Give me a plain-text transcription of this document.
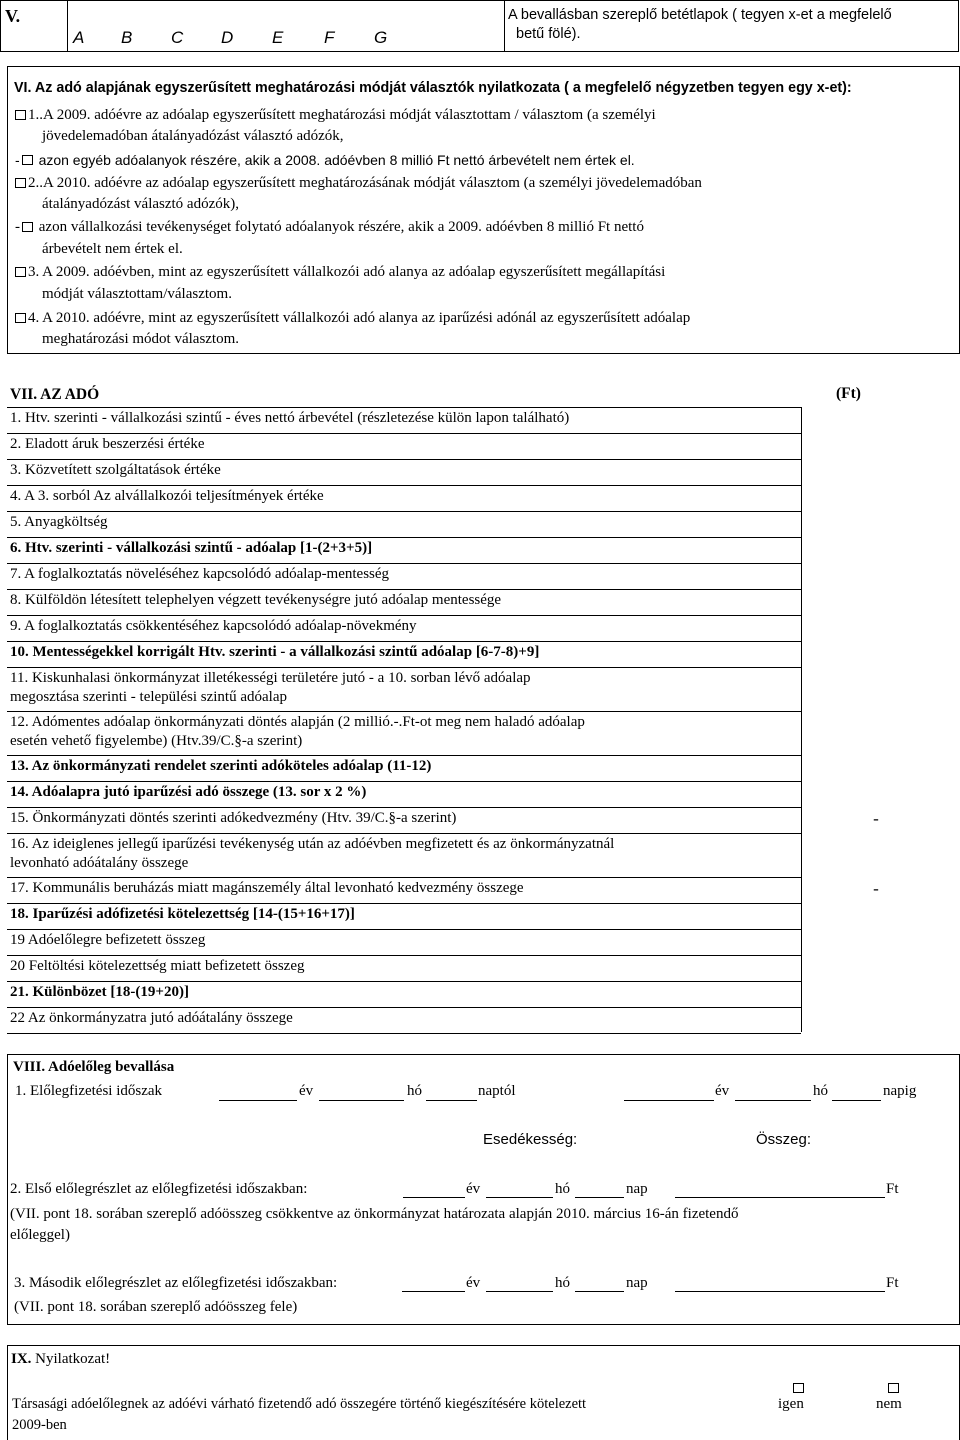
V.
A B C D E F G
A bevallásban szereplő betétlapok ( tegyen x-et a megfelelő
betű fölé).
VI. Az adó alapjának egyszerűsített meghatározási módját választók nyilatkozata ( a megfelelő négyzetben tegyen egy x-et):
1..A 2009. adóévre az adóalap egyszerűsített meghatározási módját választottam / választom (a személyi
jövedelemadóban átalányadózást választó adózók,
- azon egyéb adóalanyok részére, akik a 2008. adóévben 8 millió Ft nettó árbevételt nem értek el.
2..A 2010. adóévre az adóalap egyszerűsített meghatározásának módját választom (a személyi jövedelemadóban
átalányadózást választó adózók),
- azon vállalkozási tevékenységet folytató adóalanyok részére, akik a 2009. adóévben 8 millió Ft nettó
árbevételt nem értek el.
3. A 2009. adóévben, mint az egyszerűsített vállalkozói adó alanya az adóalap egyszerűsített megállapítási
módját választottam/választom.
4. A 2010. adóévre, mint az egyszerűsített vállalkozói adó alanya az iparűzési adónál az egyszerűsített adóalap
meghatározási módot választom.
VII. AZ ADÓ	(Ft)
1. Htv. szerinti - vállalkozási szintű - éves nettó árbevétel (részletezése külön lapon található)
2. Eladott áruk beszerzési értéke
3. Közvetített szolgáltatások értéke
4. A 3. sorból Az alvállalkozói teljesítmények értéke
5. Anyagköltség
6. Htv. szerinti - vállalkozási szintű - adóalap [1-(2+3+5)]
7. A foglalkoztatás növeléséhez kapcsolódó adóalap-mentesség
8. Külföldön létesített telephelyen végzett tevékenységre jutó adóalap mentessége
9. A foglalkoztatás csökkentéséhez kapcsolódó adóalap-növekmény
10. Mentességekkel korrigált Htv. szerinti - a vállalkozási szintű adóalap [6-7-8)+9]
11. Kiskunhalasi önkormányzat illetékességi területére jutó - a 10. sorban lévő adóalap
megosztása szerinti - települési szintű adóalap
12. Adómentes adóalap önkormányzati döntés alapján (2 millió.-.Ft-ot meg nem haladó adóalap
esetén vehető figyelembe) (Htv.39/C.§-a szerint)
13. Az önkormányzati rendelet szerinti adóköteles adóalap (11-12)
14. Adóalapra jutó iparűzési adó összege (13. sor x 2 %)
15. Önkormányzati döntés szerinti adókedvezmény (Htv. 39/C.§-a szerint)	-
16. Az ideiglenes jellegű iparűzési tevékenység után az adóévben megfizetett és az önkormányzatnál
levonható adóátalány összege
17. Kommunális beruházás miatt magánszemély által levonható kedvezmény összege	-
18. Iparűzési adófizetési kötelezettség [14-(15+16+17)]
19 Adóelőlegre befizetett összeg
20 Feltöltési kötelezettség miatt befizetett összeg
21. Különbözet [18-(19+20)]
22 Az önkormányzatra jutó adóátalány összege
VIII. Adóelőleg bevallása
1. Előlegfizetési időszak	év	hó	naptól	év	hó	napig
Esedékesség:	Összeg:
2. Első előlegrészlet az előlegfizetési időszakban:	év	hó	nap	Ft
(VII. pont 18. sorában szereplő adóösszeg csökkentve az önkormányzat határozata alapján 2010. március 16-án fizetendő
előleggel)
3. Második előlegrészlet az előlegfizetési időszakban:	év	hó	nap	Ft
(VII. pont 18. sorában szereplő adóösszeg fele)
IX. Nyilatkozat!
Társasági adóelőlegnek az adóévi várható fizetendő adó összegére történő kiegészítésére kötelezett
2009-ben
igen	nem
